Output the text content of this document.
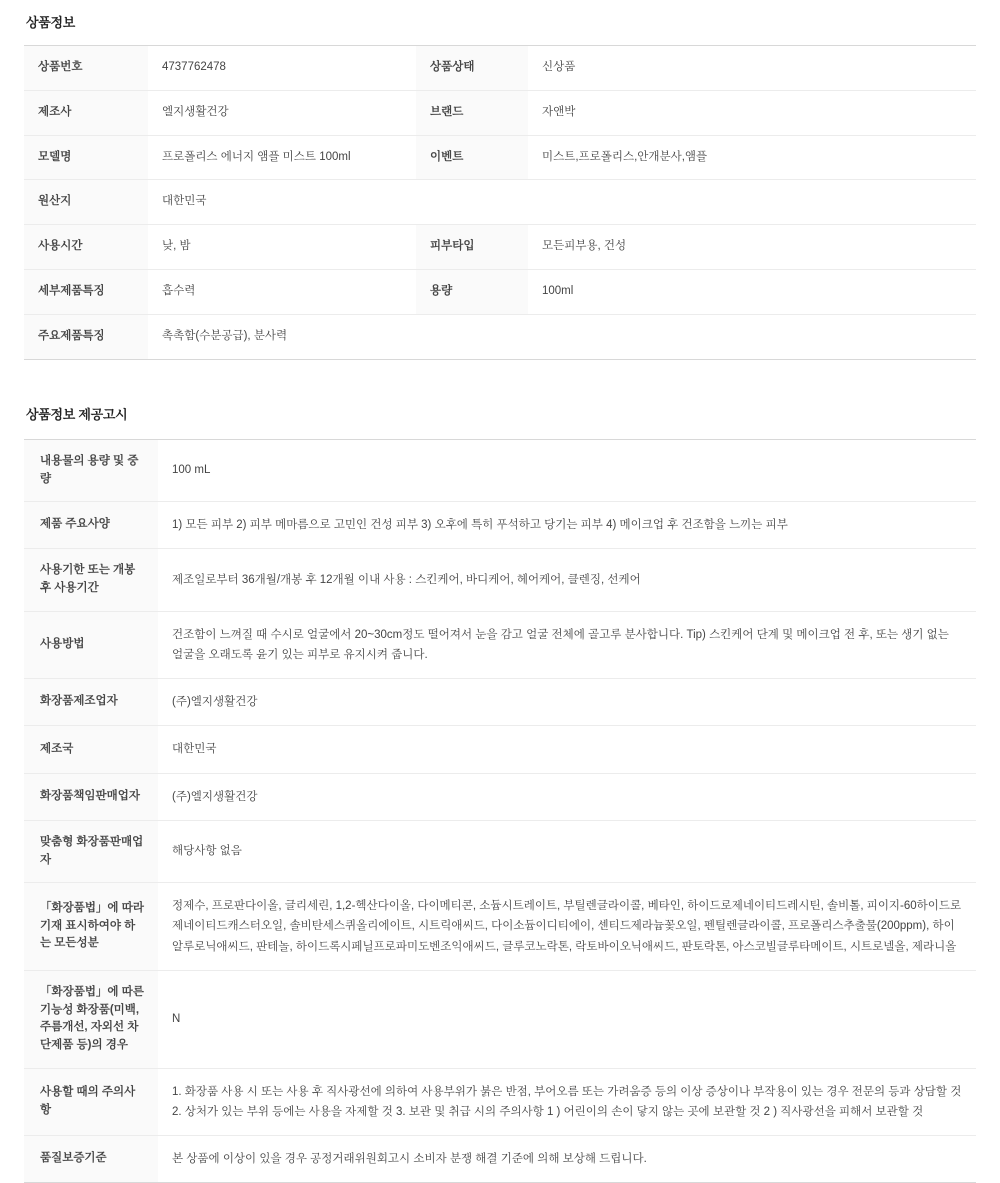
상품정보
상품번호	4737762478	상품상태	신상품
제조사	엘지생활건강	브랜드	자앤박
모델명	프로폴리스 에너지 앰플 미스트 100ml	이벤트	미스트,프로폴리스,안개분사,앰플
원산지	대한민국		
사용시간	낮, 밤	피부타입	모든피부용, 건성
세부제품특징	흡수력	용량	100ml
주요제품특징	촉촉함(수분공급), 분사력		
상품정보 제공고시
내용물의 용량 및 중량	100 mL
제품 주요사양	1) 모든 피부 2) 피부 메마름으로 고민인 건성 피부 3) 오후에 특히 푸석하고 당기는 피부 4) 메이크업 후 건조함을 느끼는 피부
사용기한 또는 개봉 후 사용기간	제조일로부터 36개월/개봉 후 12개월 이내 사용 : 스킨케어, 바디케어, 헤어케어, 클렌징, 선케어
사용방법	건조함이 느껴질 때 수시로 얼굴에서 20~30cm정도 떨어져서 눈을 감고 얼굴 전체에 골고루 분사합니다. Tip) 스킨케어 단계 및 메이크업 전 후, 또는 생기 없는 얼굴을 오래도록 윤기 있는 피부로 유지시켜 줍니다.
화장품제조업자	(주)엘지생활건강
제조국	대한민국
화장품책임판매업자	(주)엘지생활건강
맞춤형 화장품판매업자	해당사항 없음
「화장품법」에 따라 기재 표시하여야 하는 모든성분	정제수, 프로판다이올, 글리세린, 1,2-헥산다이올, 다이메티콘, 소듐시트레이트, 부틸렌글라이콜, 베타인, 하이드로제네이티드레시틴, 솔비톨, 피이지-60하이드로제네이티드캐스터오일, 솔비탄세스퀴올리에이트, 시트릭애씨드, 다이소듐이디티에이, 센티드제라늄꽃오일, 펜틸렌글라이콜, 프로폴리스추출물(200ppm), 하이알루로닉애씨드, 판테놀, 하이드록시페닐프로파미도벤조익애씨드, 글루코노락톤, 락토바이오닉애씨드, 판토락톤, 아스코빌글루타메이트, 시트로넬올, 제라니올
「화장품법」에 따른 기능성 화장품(미백, 주름개선, 자외선 차단제품 등)의 경우	N
사용할 때의 주의사항	1. 화장품 사용 시 또는 사용 후 직사광선에 의하여 사용부위가 붉은 반점, 부어오름 또는 가려움증 등의 이상 증상이나 부작용이 있는 경우 전문의 등과 상담할 것 2. 상처가 있는 부위 등에는 사용을 자제할 것 3. 보관 및 취급 시의 주의사항 1 ) 어린이의 손이 닿지 않는 곳에 보관할 것 2 ) 직사광선을 피해서 보관할 것
품질보증기준	본 상품에 이상이 있을 경우 공정거래위원회고시 소비자 분쟁 해결 기준에 의해 보상해 드립니다.
